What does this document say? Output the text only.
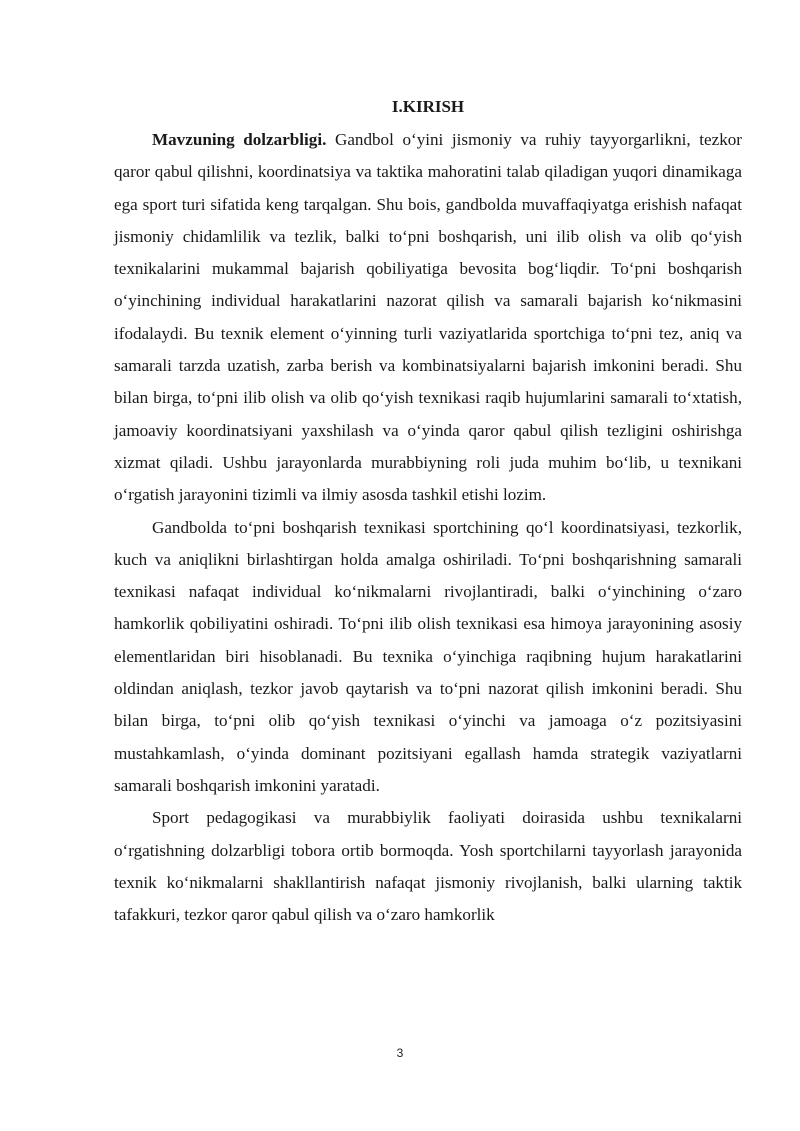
I.KIRISH

Mavzuning dolzarbligi. Gandbol o‘yini jismoniy va ruhiy tayyorgarlikni, tezkor qaror qabul qilishni, koordinatsiya va taktika mahoratini talab qiladigan yuqori dinamikaga ega sport turi sifatida keng tarqalgan. Shu bois, gandbolda muvaffaqiyatga erishish nafaqat jismoniy chidamlilik va tezlik, balki to‘pni boshqarish, uni ilib olish va olib qo‘yish texnikalarini mukammal bajarish qobiliyatiga bevosita bog‘liqdir. To‘pni boshqarish o‘yinchining individual harakatlarini nazorat qilish va samarali bajarish ko‘nikmasini ifodalaydi. Bu texnik element o‘yinning turli vaziyatlarida sportchiga to‘pni tez, aniq va samarali tarzda uzatish, zarba berish va kombinatsiyalarni bajarish imkonini beradi. Shu bilan birga, to‘pni ilib olish va olib qo‘yish texnikasi raqib hujumlarini samarali to‘xtatish, jamoaviy koordinatsiyani yaxshilash va o‘yinda qaror qabul qilish tezligini oshirishga xizmat qiladi. Ushbu jarayonlarda murabbiyning roli juda muhim bo‘lib, u texnikani o‘rgatish jarayonini tizimli va ilmiy asosda tashkil etishi lozim.

Gandbolda to‘pni boshqarish texnikasi sportchining qo‘l koordinatsiyasi, tezkorlik, kuch va aniqlikni birlashtirgan holda amalga oshiriladi. To‘pni boshqarishning samarali texnikasi nafaqat individual ko‘nikmalarni rivojlantiradi, balki o‘yinchining o‘zaro hamkorlik qobiliyatini oshiradi. To‘pni ilib olish texnikasi esa himoya jarayonining asosiy elementlaridan biri hisoblanadi. Bu texnika o‘yinchiga raqibning hujum harakatlarini oldindan aniqlash, tezkor javob qaytarish va to‘pni nazorat qilish imkonini beradi. Shu bilan birga, to‘pni olib qo‘yish texnikasi o‘yinchi va jamoaga o‘z pozitsiyasini mustahkamlash, o‘yinda dominant pozitsiyani egallash hamda strategik vaziyatlarni samarali boshqarish imkonini yaratadi.

Sport pedagogikasi va murabbiylik faoliyati doirasida ushbu texnikalarni o‘rgatishning dolzarbligi tobora ortib bormoqda. Yosh sportchilarni tayyorlash jarayonida texnik ko‘nikmalarni shakllantirish nafaqat jismoniy rivojlanish, balki ularning taktik tafakkuri, tezkor qaror qabul qilish va o‘zaro hamkorlik

3
